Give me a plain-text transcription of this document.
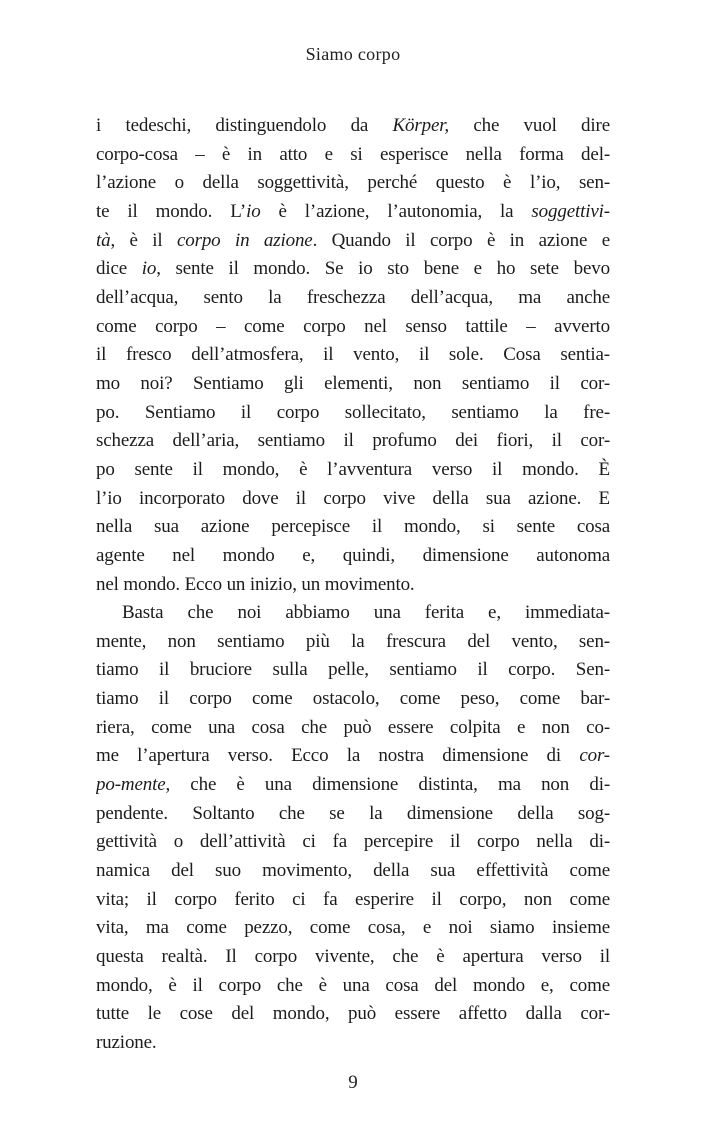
Siamo corpo
i tedeschi, distinguendolo da Körper, che vuol dire
corpo-cosa – è in atto e si esperisce nella forma del-
l’azione o della soggettività, perché questo è l’io, sen-
te il mondo. L’io è l’azione, l’autonomia, la soggettivi-
tà, è il corpo in azione. Quando il corpo è in azione e
dice io, sente il mondo. Se io sto bene e ho sete bevo
dell’acqua, sento la freschezza dell’acqua, ma anche
come corpo – come corpo nel senso tattile – avverto
il fresco dell’atmosfera, il vento, il sole. Cosa sentia-
mo noi? Sentiamo gli elementi, non sentiamo il cor-
po. Sentiamo il corpo sollecitato, sentiamo la fre-
schezza dell’aria, sentiamo il profumo dei fiori, il cor-
po sente il mondo, è l’avventura verso il mondo. È
l’io incorporato dove il corpo vive della sua azione. E
nella sua azione percepisce il mondo, si sente cosa
agente nel mondo e, quindi, dimensione autonoma
nel mondo. Ecco un inizio, un movimento.
Basta che noi abbiamo una ferita e, immediata-
mente, non sentiamo più la frescura del vento, sen-
tiamo il bruciore sulla pelle, sentiamo il corpo. Sen-
tiamo il corpo come ostacolo, come peso, come bar-
riera, come una cosa che può essere colpita e non co-
me l’apertura verso. Ecco la nostra dimensione di cor-
po-mente, che è una dimensione distinta, ma non di-
pendente. Soltanto che se la dimensione della sog-
gettività o dell’attività ci fa percepire il corpo nella di-
namica del suo movimento, della sua effettività come
vita; il corpo ferito ci fa esperire il corpo, non come
vita, ma come pezzo, come cosa, e noi siamo insieme
questa realtà. Il corpo vivente, che è apertura verso il
mondo, è il corpo che è una cosa del mondo e, come
tutte le cose del mondo, può essere affetto dalla cor-
ruzione.
9
